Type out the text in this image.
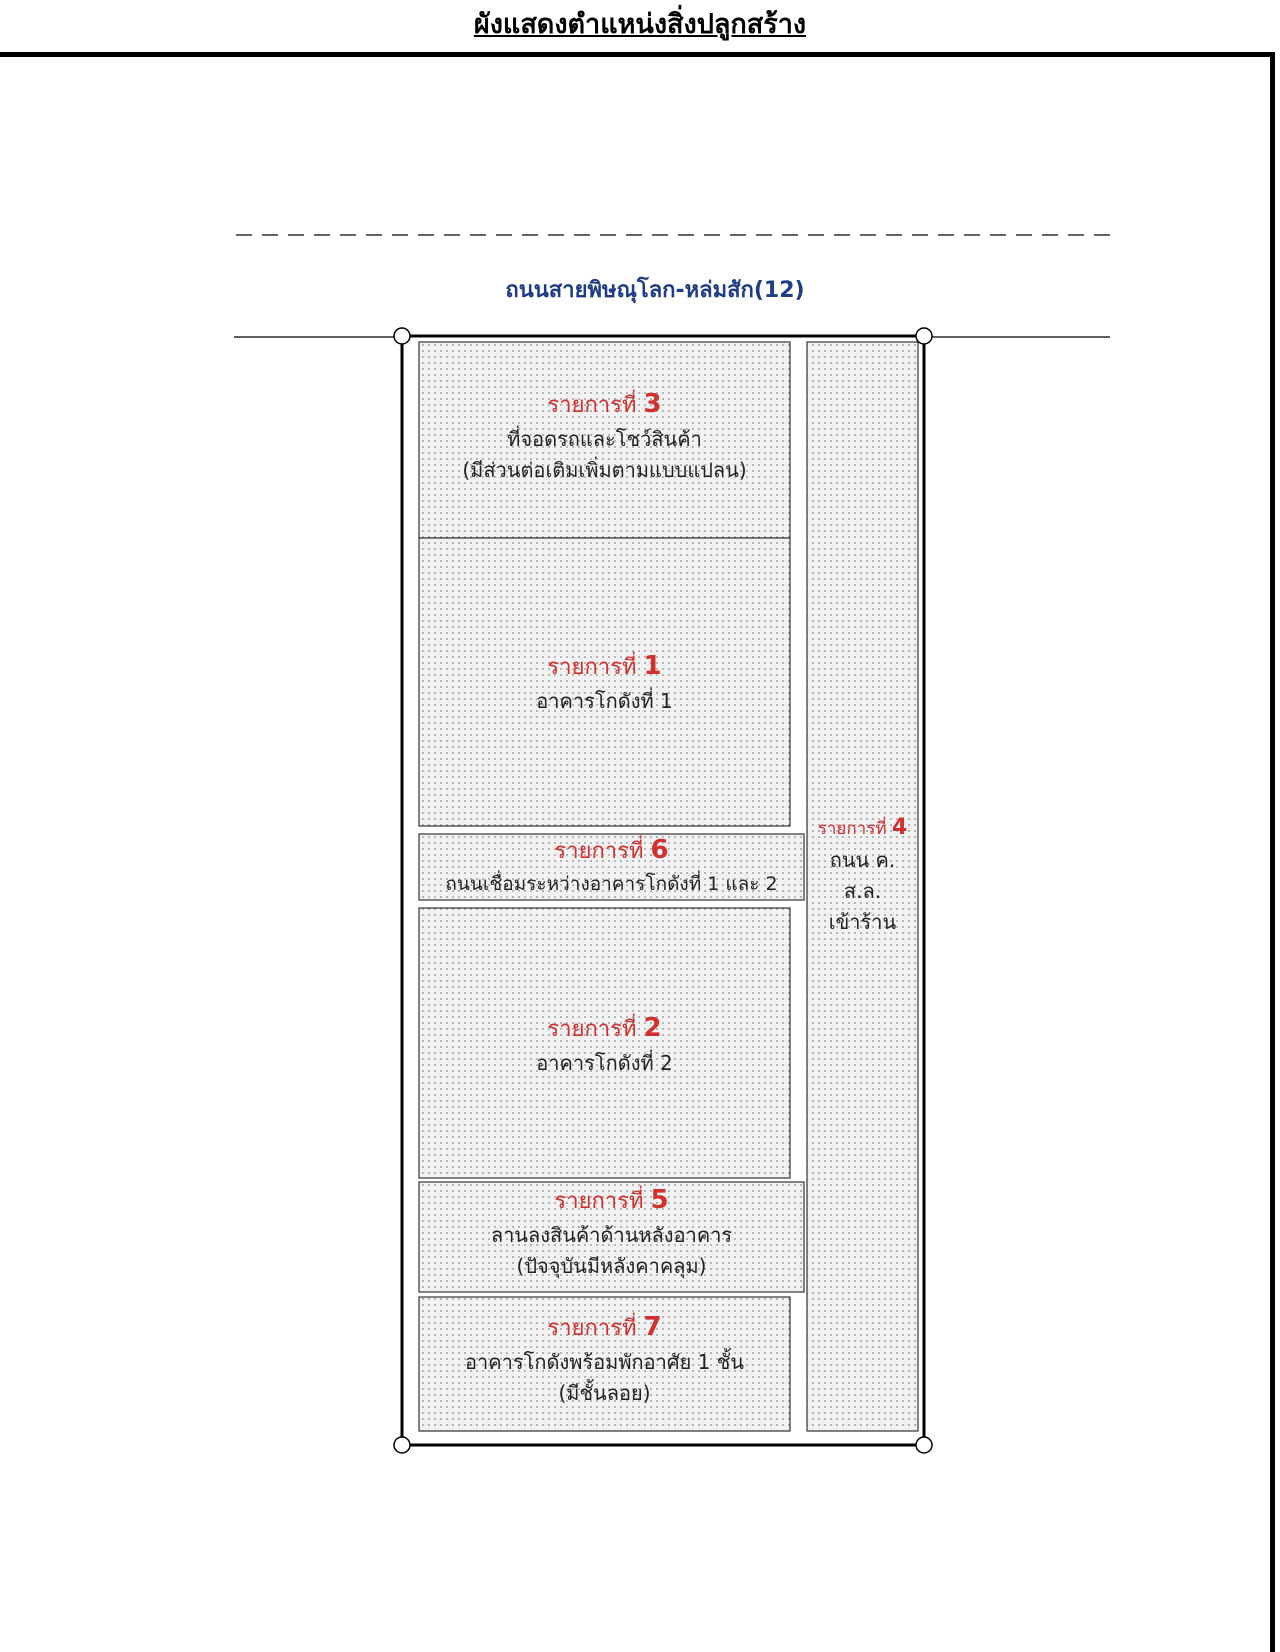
ผังแสดงตำแหน่งสิ่งปลูกสร้าง
ถนนสายพิษณุโลก-หล่มสัก(12)
รายการที่ 3
ที่จอดรถและโชว์สินค้า
(มีส่วนต่อเติมเพิ่มตามแบบแปลน)
รายการที่ 1
อาคารโกดังที่ 1
รายการที่ 6
ถนนเชื่อมระหว่างอาคารโกดังที่ 1 และ 2
รายการที่ 2
อาคารโกดังที่ 2
รายการที่ 5
ลานลงสินค้าด้านหลังอาคาร
(ปัจจุบันมีหลังคาคลุม)
รายการที่ 7
อาคารโกดังพร้อมพักอาศัย 1 ชั้น
(มีชั้นลอย)
รายการที่ 4
ถนน ค.
ส.ล.
เข้าร้าน
